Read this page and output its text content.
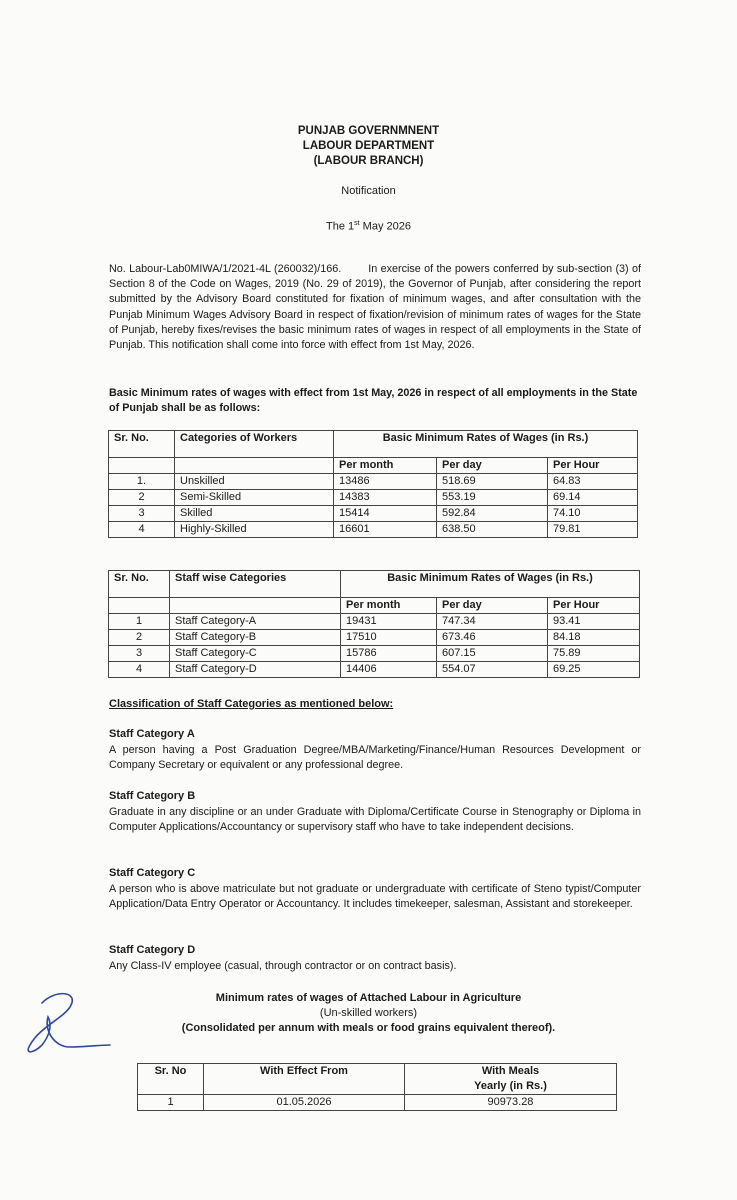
PUNJAB GOVERNMNENT
LABOUR DEPARTMENT
(LABOUR BRANCH)
Notification
The 1st May 2026
No. Labour-Lab0MIWA/1/2021-4L (260032)/166. In exercise of the powers conferred by sub-section (3) of Section 8 of the Code on Wages, 2019 (No. 29 of 2019), the Governor of Punjab, after considering the report submitted by the Advisory Board constituted for fixation of minimum wages, and after consultation with the Punjab Minimum Wages Advisory Board in respect of fixation/revision of minimum rates of wages for the State of Punjab, hereby fixes/revises the basic minimum rates of wages in respect of all employments in the State of Punjab. This notification shall come into force with effect from 1st May, 2026.
Basic Minimum rates of wages with effect from 1st May, 2026 in respect of all employments in the State of Punjab shall be as follows:
Sr. No.	Categories of Workers	Basic Minimum Rates of Wages (in Rs.)		
		Per month	Per day	Per Hour
1.	Unskilled	13486	518.69	64.83
2	Semi-Skilled	14383	553.19	69.14
3	Skilled	15414	592.84	74.10
4	Highly-Skilled	16601	638.50	79.81
Sr. No.	Staff wise Categories	Basic Minimum Rates of Wages (in Rs.)		
		Per month	Per day	Per Hour
1	Staff Category-A	19431	747.34	93.41
2	Staff Category-B	17510	673.46	84.18
3	Staff Category-C	15786	607.15	75.89
4	Staff Category-D	14406	554.07	69.25
Classification of Staff Categories as mentioned below:
Staff Category A
A person having a Post Graduation Degree/MBA/Marketing/Finance/Human Resources Development or Company Secretary or equivalent or any professional degree.
Staff Category B
Graduate in any discipline or an under Graduate with Diploma/Certificate Course in Stenography or Diploma in Computer Applications/Accountancy or supervisory staff who have to take independent decisions.
Staff Category C
A person who is above matriculate but not graduate or undergraduate with certificate of Steno typist/Computer Application/Data Entry Operator or Accountancy. It includes timekeeper, salesman, Assistant and storekeeper.
Staff Category D
Any Class-IV employee (casual, through contractor or on contract basis).
Minimum rates of wages of Attached Labour in Agriculture
(Un-skilled workers)
(Consolidated per annum with meals or food grains equivalent thereof).
Sr. No	With Effect From	With Meals
Yearly (in Rs.)

1	01.05.2026	90973.28
